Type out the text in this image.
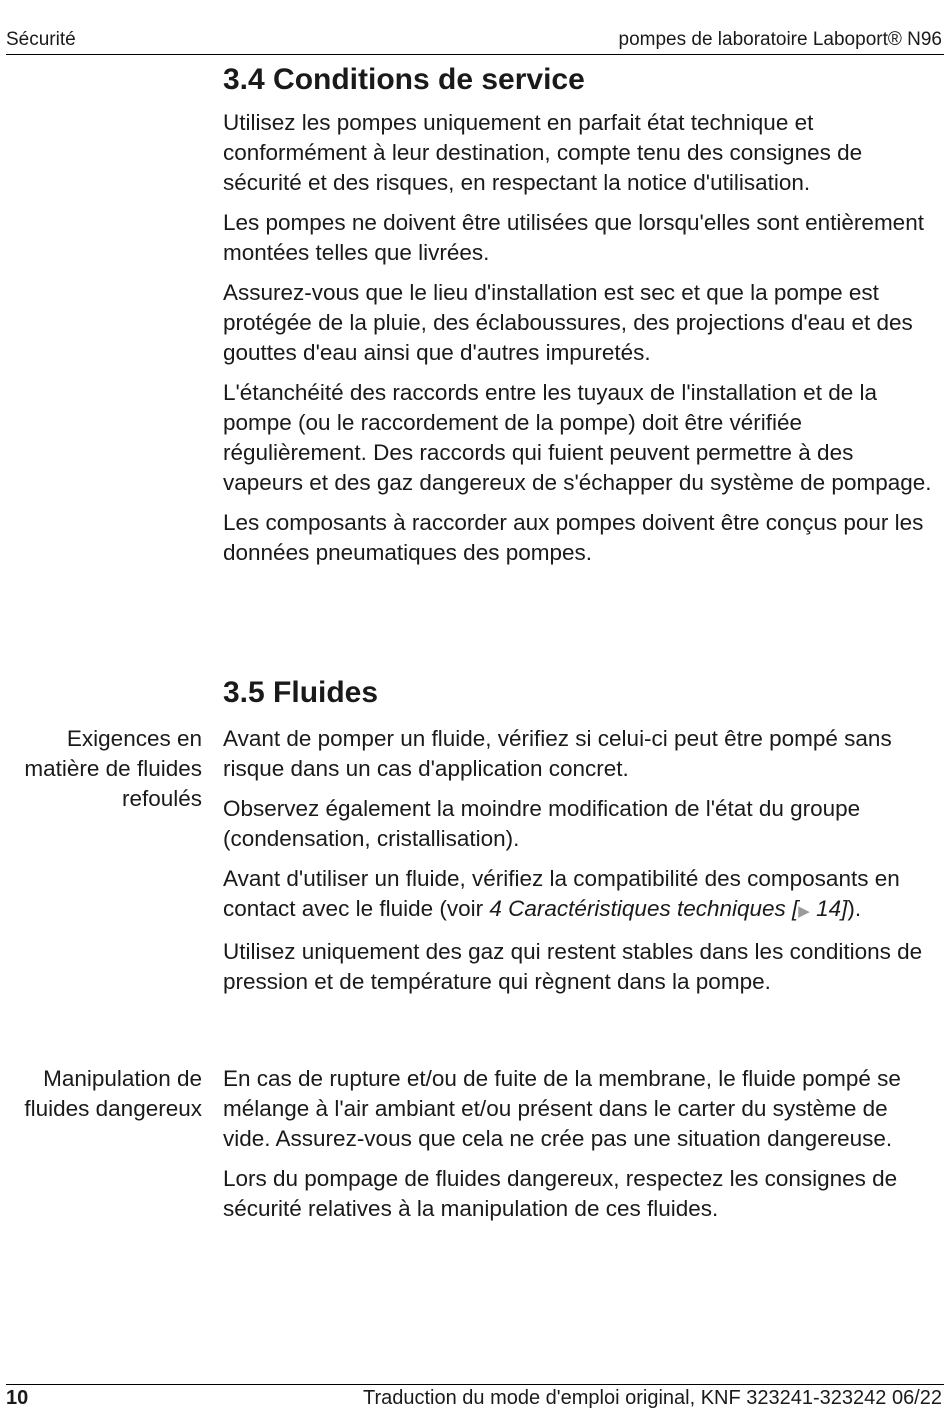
Sécurité	pompes de laboratoire Laboport® N96
3.4 Conditions de service

Utilisez les pompes uniquement en parfait état technique et conformément à leur destination, compte tenu des consignes de sécurité et des risques, en respectant la notice d'utilisation.

Les pompes ne doivent être utilisées que lorsqu'elles sont entièrement montées telles que livrées.

Assurez-vous que le lieu d'installation est sec et que la pompe est protégée de la pluie, des éclaboussures, des projections d'eau et des gouttes d'eau ainsi que d'autres impuretés.

L'étanchéité des raccords entre les tuyaux de l'installation et de la pompe (ou le raccordement de la pompe) doit être vérifiée régulièrement. Des raccords qui fuient peuvent permettre à des vapeurs et des gaz dangereux de s'échapper du système de pompage.

Les composants à raccorder aux pompes doivent être conçus pour les données pneumatiques des pompes.

3.5 Fluides
Exigences en matière de fluides refoulés

Avant de pomper un fluide, vérifiez si celui-ci peut être pompé sans risque dans un cas d'application concret.

Observez également la moindre modification de l'état du groupe (condensation, cristallisation).

Avant d'utiliser un fluide, vérifiez la compatibilité des composants en contact avec le fluide (voir 4 Caractéristiques techniques [▶ 14]).

Utilisez uniquement des gaz qui restent stables dans les conditions de pression et de température qui règnent dans la pompe.

Manipulation de fluides dangereux

En cas de rupture et/ou de fuite de la membrane, le fluide pompé se mélange à l'air ambiant et/ou présent dans le carter du système de vide. Assurez-vous que cela ne crée pas une situation dangereuse.

Lors du pompage de fluides dangereux, respectez les consignes de sécurité relatives à la manipulation de ces fluides.

10	Traduction du mode d'emploi original, KNF 323241-323242 06/22
